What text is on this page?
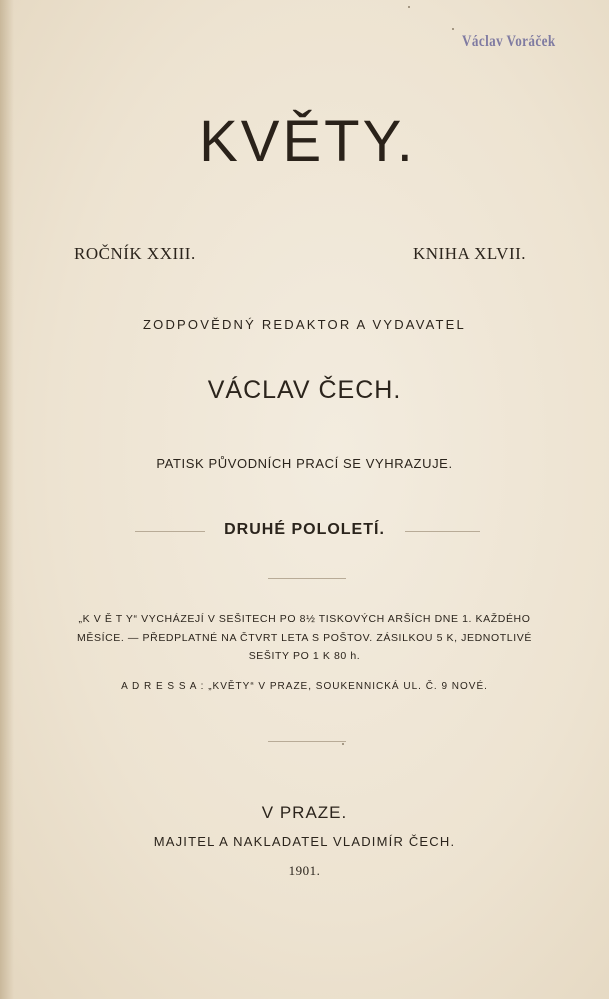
Václav Voráček
KVĚTY.
ROČNÍK XXIII.	KNIHA XLVII.
ZODPOVĚDNÝ REDAKTOR A VYDAVATEL
VÁCLAV ČECH.
PATISK PŮVODNÍCH PRACÍ SE VYHRAZUJE.
DRUHÉ POLOLETÍ.
„K V Ě T Y“ VYCHÁZEJÍ V SEŠITECH PO 8½ TISKOVÝCH ARŠÍCH DNE 1. KAŽDÉHO
MĚSÍCE. — PŘEDPLATNÉ NA ČTVRT LETA S POŠTOV. ZÁSILKOU 5 K, JEDNOTLIVÉ
SEŠITY PO 1 K 80 h.
A D R E S S A : „KVĚTY“ V PRAZE, SOUKENNICKÁ UL. Č. 9 NOVÉ.
V PRAZE.
MAJITEL A NAKLADATEL VLADIMÍR ČECH.
1901.
